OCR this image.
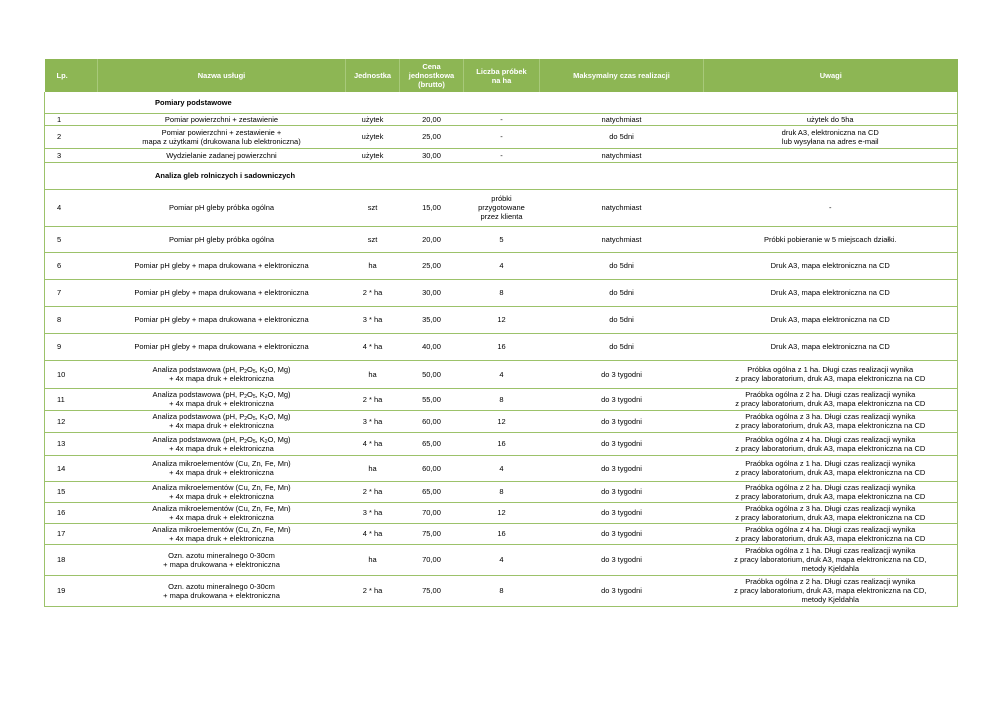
Lp.	Nazwa usługi	Jednostka	Cena
jednostkowa
(brutto)	Liczba próbek
na ha	Maksymalny czas realizacji	Uwagi
Pomiary podstawowe						
1	Pomiar powierzchni + zestawienie	użytek	20,00	-	natychmiast	użytek do 5ha

2	Pomiar powierzchni + zestawienie +
mapa z użytkami (drukowana lub elektroniczna)	użytek	25,00	-	do 5dni	druk A3, elektroniczna na CD
lub wysyłana na adres e-mail

3	Wydzielanie zadanej powierzchni	użytek	30,00	-	natychmiast	

Analiza gleb rolniczych i sadowniczych						
4	Pomiar pH gleby próbka ogólna	szt	15,00	próbki
przygotowane
przez klienta	natychmiast	-

5	Pomiar pH gleby próbka ogólna	szt	20,00	5	natychmiast	Próbki pobieranie w 5 miejscach działki.

6	Pomiar pH gleby + mapa drukowana + elektroniczna	ha	25,00	4	do 5dni	Druk A3, mapa elektroniczna na CD

7	Pomiar pH gleby + mapa drukowana + elektroniczna	2 * ha	30,00	8	do 5dni	Druk A3, mapa elektroniczna na CD

8	Pomiar pH gleby + mapa drukowana + elektroniczna	3 * ha	35,00	12	do 5dni	Druk A3, mapa elektroniczna na CD

9	Pomiar pH gleby + mapa drukowana + elektroniczna	4 * ha	40,00	16	do 5dni	Druk A3, mapa elektroniczna na CD

10	Analiza podstawowa (pH, $P_2O_5$, $K_2O$, Mg)
+ 4x mapa druk + elektroniczna	ha	50,00	4	do 3 tygodni	Próbka ogólna z 1 ha. Długi czas realizacji wynika
z pracy laboratorium, druk A3, mapa elektroniczna na CD

11	Analiza podstawowa (pH, $P_2O_5$, $K_2O$, Mg)
+ 4x mapa druk + elektroniczna	2 * ha	55,00	8	do 3 tygodni	Praóbka ogólna z 2 ha. Długi czas realizacji wynika
z pracy laboratorium, druk A3, mapa elektroniczna na CD

12	Analiza podstawowa (pH, $P_2O_5$, $K_2O$, Mg)
+ 4x mapa druk + elektroniczna	3 * ha	60,00	12	do 3 tygodni	Praóbka ogólna z 3 ha. Długi czas realizacji wynika
z pracy laboratorium, druk A3, mapa elektroniczna na CD

13	Analiza podstawowa (pH, $P_2O_5$, $K_2O$, Mg)
+ 4x mapa druk + elektroniczna	4 * ha	65,00	16	do 3 tygodni	Praóbka ogólna z 4 ha. Długi czas realizacji wynika
z pracy laboratorium, druk A3, mapa elektroniczna na CD

14	Analiza mikroelementów (Cu, Zn, Fe, Mn)
+ 4x mapa druk + elektroniczna	ha	60,00	4	do 3 tygodni	Praóbka ogólna z 1 ha. Długi czas realizacji wynika
z pracy laboratorium, druk A3, mapa elektroniczna na CD

15	Analiza mikroelementów (Cu, Zn, Fe, Mn)
+ 4x mapa druk + elektroniczna	2 * ha	65,00	8	do 3 tygodni	Praóbka ogólna z 2 ha. Długi czas realizacji wynika
z pracy laboratorium, druk A3, mapa elektroniczna na CD

16	Analiza mikroelementów (Cu, Zn, Fe, Mn)
+ 4x mapa druk + elektroniczna	3 * ha	70,00	12	do 3 tygodni	Praóbka ogólna z 3 ha. Długi czas realizacji wynika
z pracy laboratorium, druk A3, mapa elektroniczna na CD

17	Analiza mikroelementów (Cu, Zn, Fe, Mn)
+ 4x mapa druk + elektroniczna	4 * ha	75,00	16	do 3 tygodni	Praóbka ogólna z 4 ha. Długi czas realizacji wynika
z pracy laboratorium, druk A3, mapa elektroniczna na CD

18	Ozn. azotu mineralnego 0-30cm
+ mapa drukowana + elektroniczna	ha	70,00	4	do 3 tygodni	Praóbka ogólna z 1 ha. Długi czas realizacji wynika
z pracy laboratorium, druk A3, mapa elektroniczna na CD,
metody Kjeldahla

19	Ozn. azotu mineralnego 0-30cm
+ mapa drukowana + elektroniczna	2 * ha	75,00	8	do 3 tygodni	Praóbka ogólna z 2 ha. Długi czas realizacji wynika
z pracy laboratorium, druk A3, mapa elektroniczna na CD,
metody Kjeldahla
